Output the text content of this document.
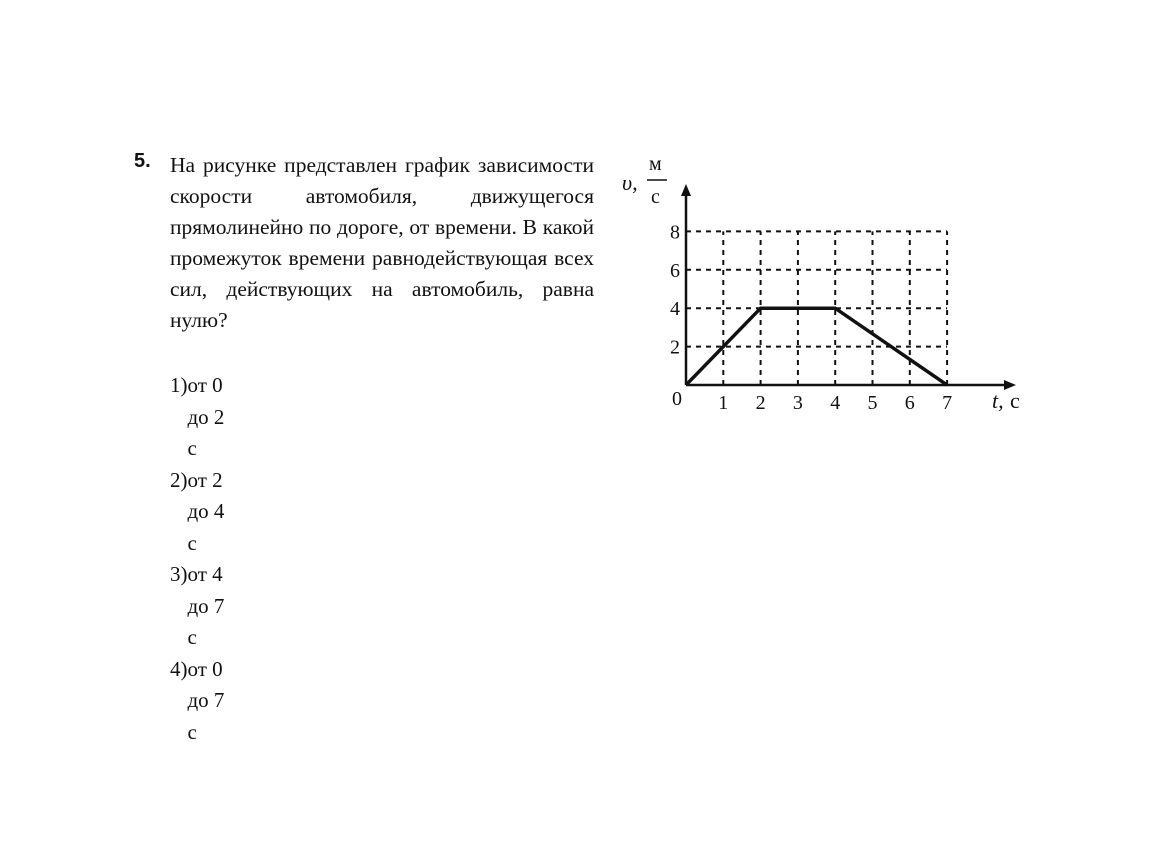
5. На рисунке представлен график зависимости скорости автомобиля, движущегося прямолинейно по дороге, от времени. В какой промежуток времени равнодействующая всех сил, действующих на автомобиль, равна нулю?
1) от 0 до 2 с
2) от 2 до 4 с
3) от 4 до 7 с
4) от 0 до 7 с
1 2 3 4 5 6 7
2
4
6
8
0	t, с
υ,
м
с
